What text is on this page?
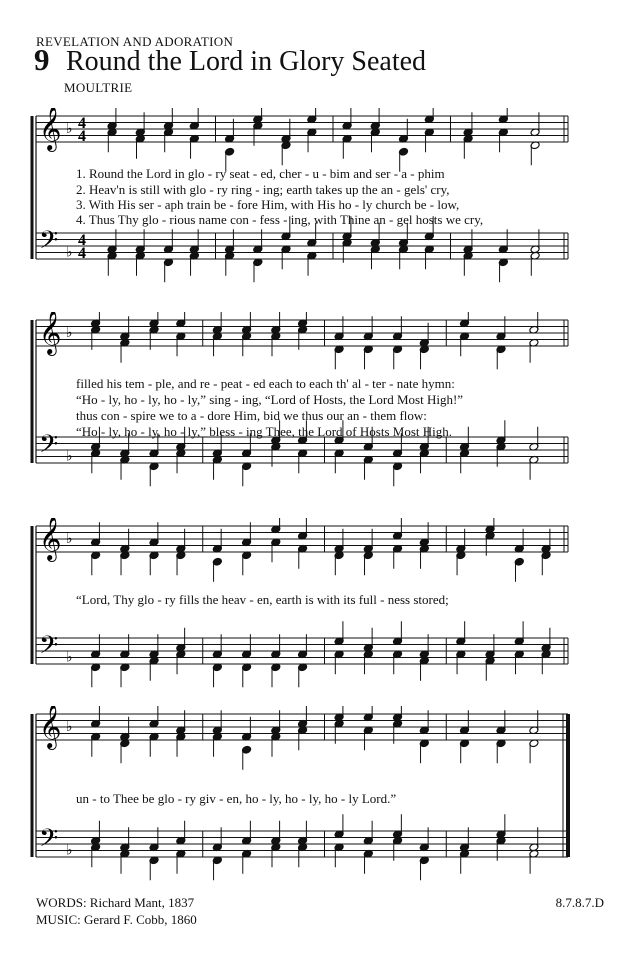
REVELATION AND ADORATION
9 Round the Lord in Glory Seated
MOULTRIE
𝄞
𝄢
♭
♭
4
4
4
4
1. Round the Lord in glo - ry seat - ed, cher - u - bim and ser - a - phim
2. Heav'n is still with glo - ry ring - ing; earth takes up the an - gels' cry,
3. With His ser - aph train be - fore Him, with His ho - ly church be - low,
4. Thus Thy glo - rious name con - fess - ing, with Thine an - gel hosts we cry,
𝄞
𝄢
♭
♭
filled his tem - ple, and re - peat - ed each to each th' al - ter - nate hymn:
“Ho - ly, ho - ly, ho - ly,” sing - ing, “Lord of Hosts, the Lord Most High!”
thus con - spire we to a - dore Him, bid we thus our an - them flow:
“Ho - ly, ho - ly, ho - ly,” bless - ing Thee, the Lord of Hosts Most High.
𝄞
𝄢
♭
♭
“Lord, Thy glo - ry fills the heav - en, earth is with its full - ness stored;
𝄞
𝄢
♭
♭
un - to Thee be glo - ry giv - en, ho - ly, ho - ly, ho - ly Lord.”
WORDS: Richard Mant, 1837
MUSIC: Gerard F. Cobb, 1860
8.7.8.7.D
